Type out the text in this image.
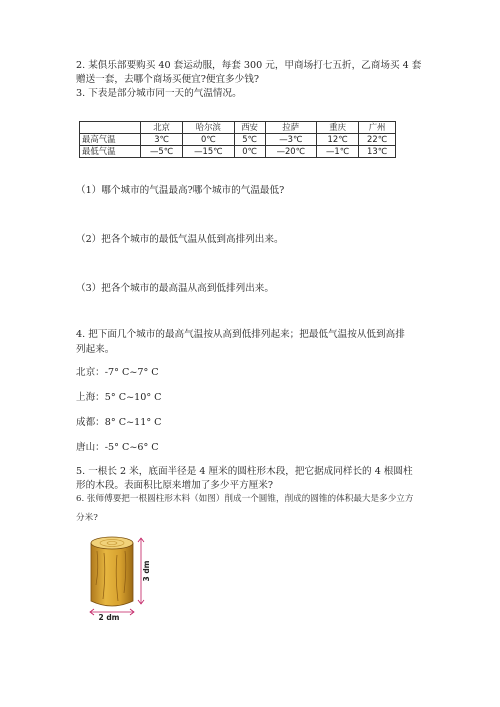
2. 某俱乐部要购买 40 套运动服，每套 300 元，甲商场打七五折，乙商场买 4 套
赠送一套，去哪个商场买便宜?便宜多少钱?
3. 下表是部分城市同一天的气温情况。
	北京	哈尔滨	西安	拉萨	重庆	广州
最高气温	3℃	0℃	5℃	—3℃	12℃	22℃
最低气温	—5℃	—15℃	0℃	—20℃	—1℃	13℃
（1）哪个城市的气温最高?哪个城市的气温最低?
（2）把各个城市的最低气温从低到高排列出来。
（3）把各个城市的最高温从高到低排列出来。
4. 把下面几个城市的最高气温按从高到低排列起来；把最低气温按从低到高排
列起来。
北京：-7° C~7° C
上海：5° C~10° C
成都：8° C~11° C
唐山：-5° C~6° C
5. 一根长 2 米，底面半径是 4 厘米的圆柱形木段，把它据成同样长的 4 根圆柱
形的木段。表面积比原来增加了多少平方厘米?
6. 张师傅要把一根圆柱形木料（如图）削成一个圆锥，削成的圆锥的体积最大是多少立方
分米?
3 dm
2 dm
